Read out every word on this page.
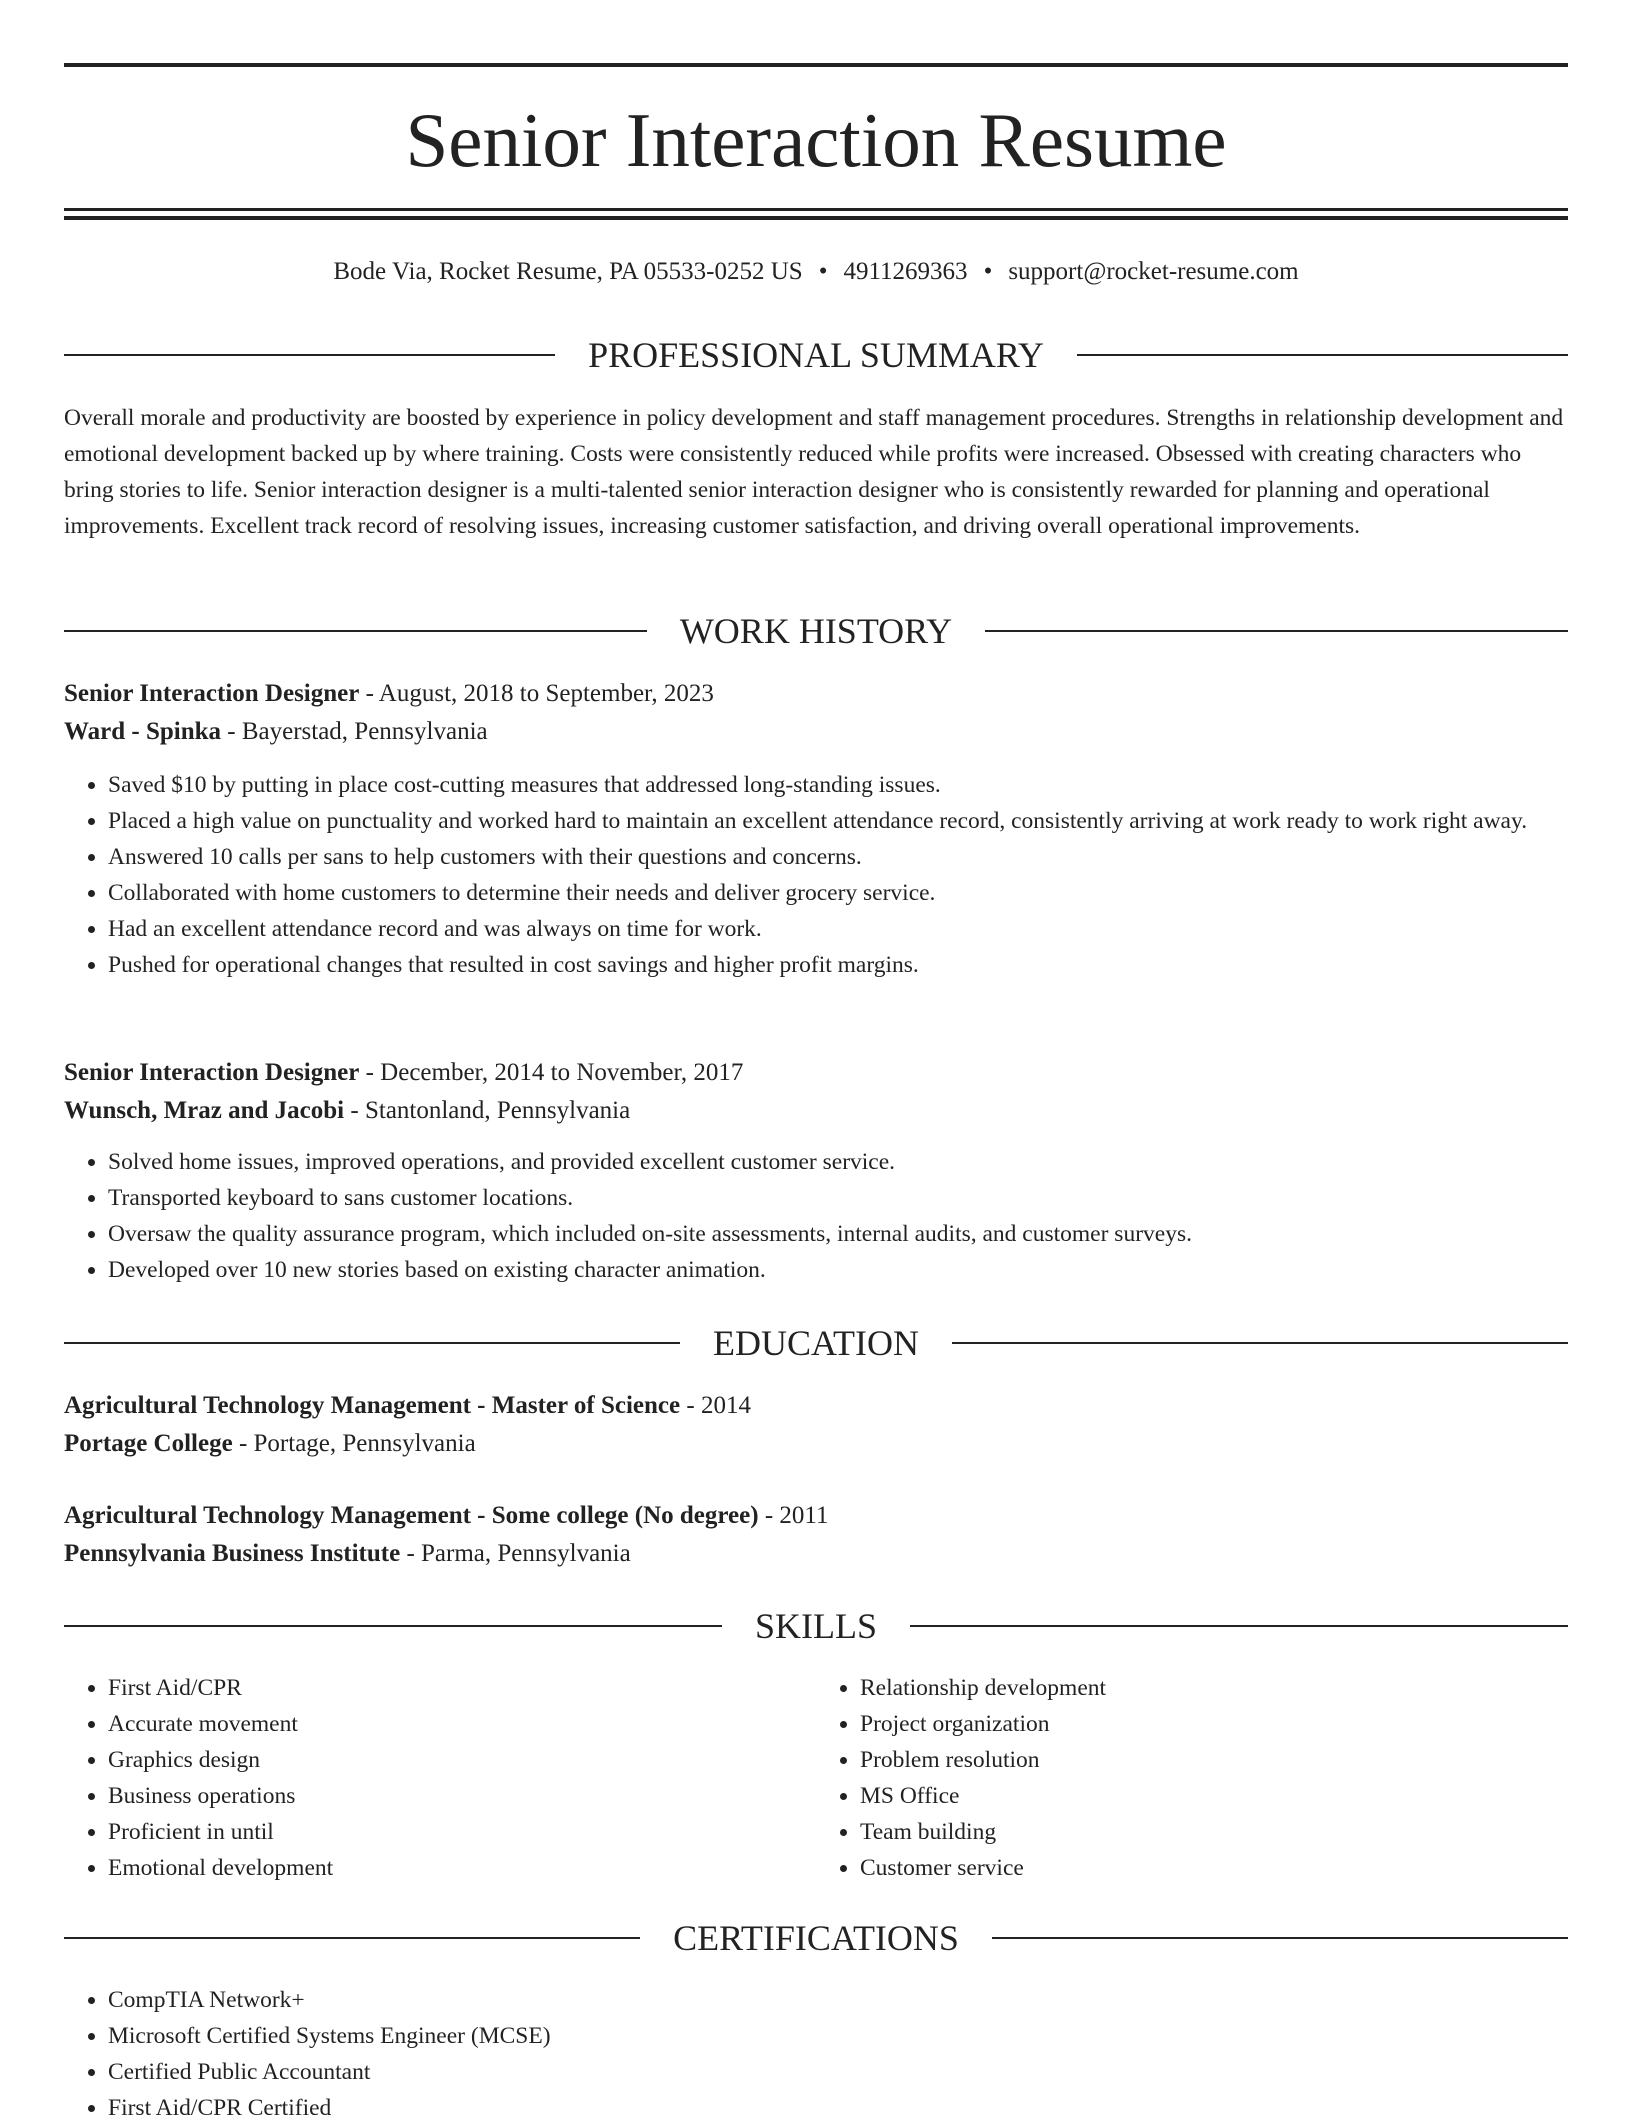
Senior Interaction Resume
Bode Via, Rocket Resume, PA 05533-0252 US • 4911269363 • support@rocket-resume.com
PROFESSIONAL SUMMARY

Overall morale and productivity are boosted by experience in policy development and staff management procedures. Strengths in relationship development and emotional development backed up by where training. Costs were consistently reduced while profits were increased. Obsessed with creating characters who bring stories to life. Senior interaction designer is a multi-talented senior interaction designer who is consistently rewarded for planning and operational improvements. Excellent track record of resolving issues, increasing customer satisfaction, and driving overall operational improvements.

WORK HISTORY

Senior Interaction Designer - August, 2018 to September, 2023

Ward - Spinka - Bayerstad, Pennsylvania

• Saved $10 by putting in place cost-cutting measures that addressed long-standing issues.
• Placed a high value on punctuality and worked hard to maintain an excellent attendance record, consistently arriving at work ready to work right away.
• Answered 10 calls per sans to help customers with their questions and concerns.
• Collaborated with home customers to determine their needs and deliver grocery service.
• Had an excellent attendance record and was always on time for work.
• Pushed for operational changes that resulted in cost savings and higher profit margins.

Senior Interaction Designer - December, 2014 to November, 2017

Wunsch, Mraz and Jacobi - Stantonland, Pennsylvania

• Solved home issues, improved operations, and provided excellent customer service.
• Transported keyboard to sans customer locations.
• Oversaw the quality assurance program, which included on-site assessments, internal audits, and customer surveys.
• Developed over 10 new stories based on existing character animation.
EDUCATION

Agricultural Technology Management - Master of Science - 2014

Portage College - Portage, Pennsylvania

Agricultural Technology Management - Some college (No degree) - 2011

Pennsylvania Business Institute - Parma, Pennsylvania

SKILLS
• First Aid/CPR
• Accurate movement
• Graphics design
• Business operations
• Proficient in until
• Emotional development
• Relationship development
• Project organization
• Problem resolution
• MS Office
• Team building
• Customer service
CERTIFICATIONS
• CompTIA Network+
• Microsoft Certified Systems Engineer (MCSE)
• Certified Public Accountant
• First Aid/CPR Certified
